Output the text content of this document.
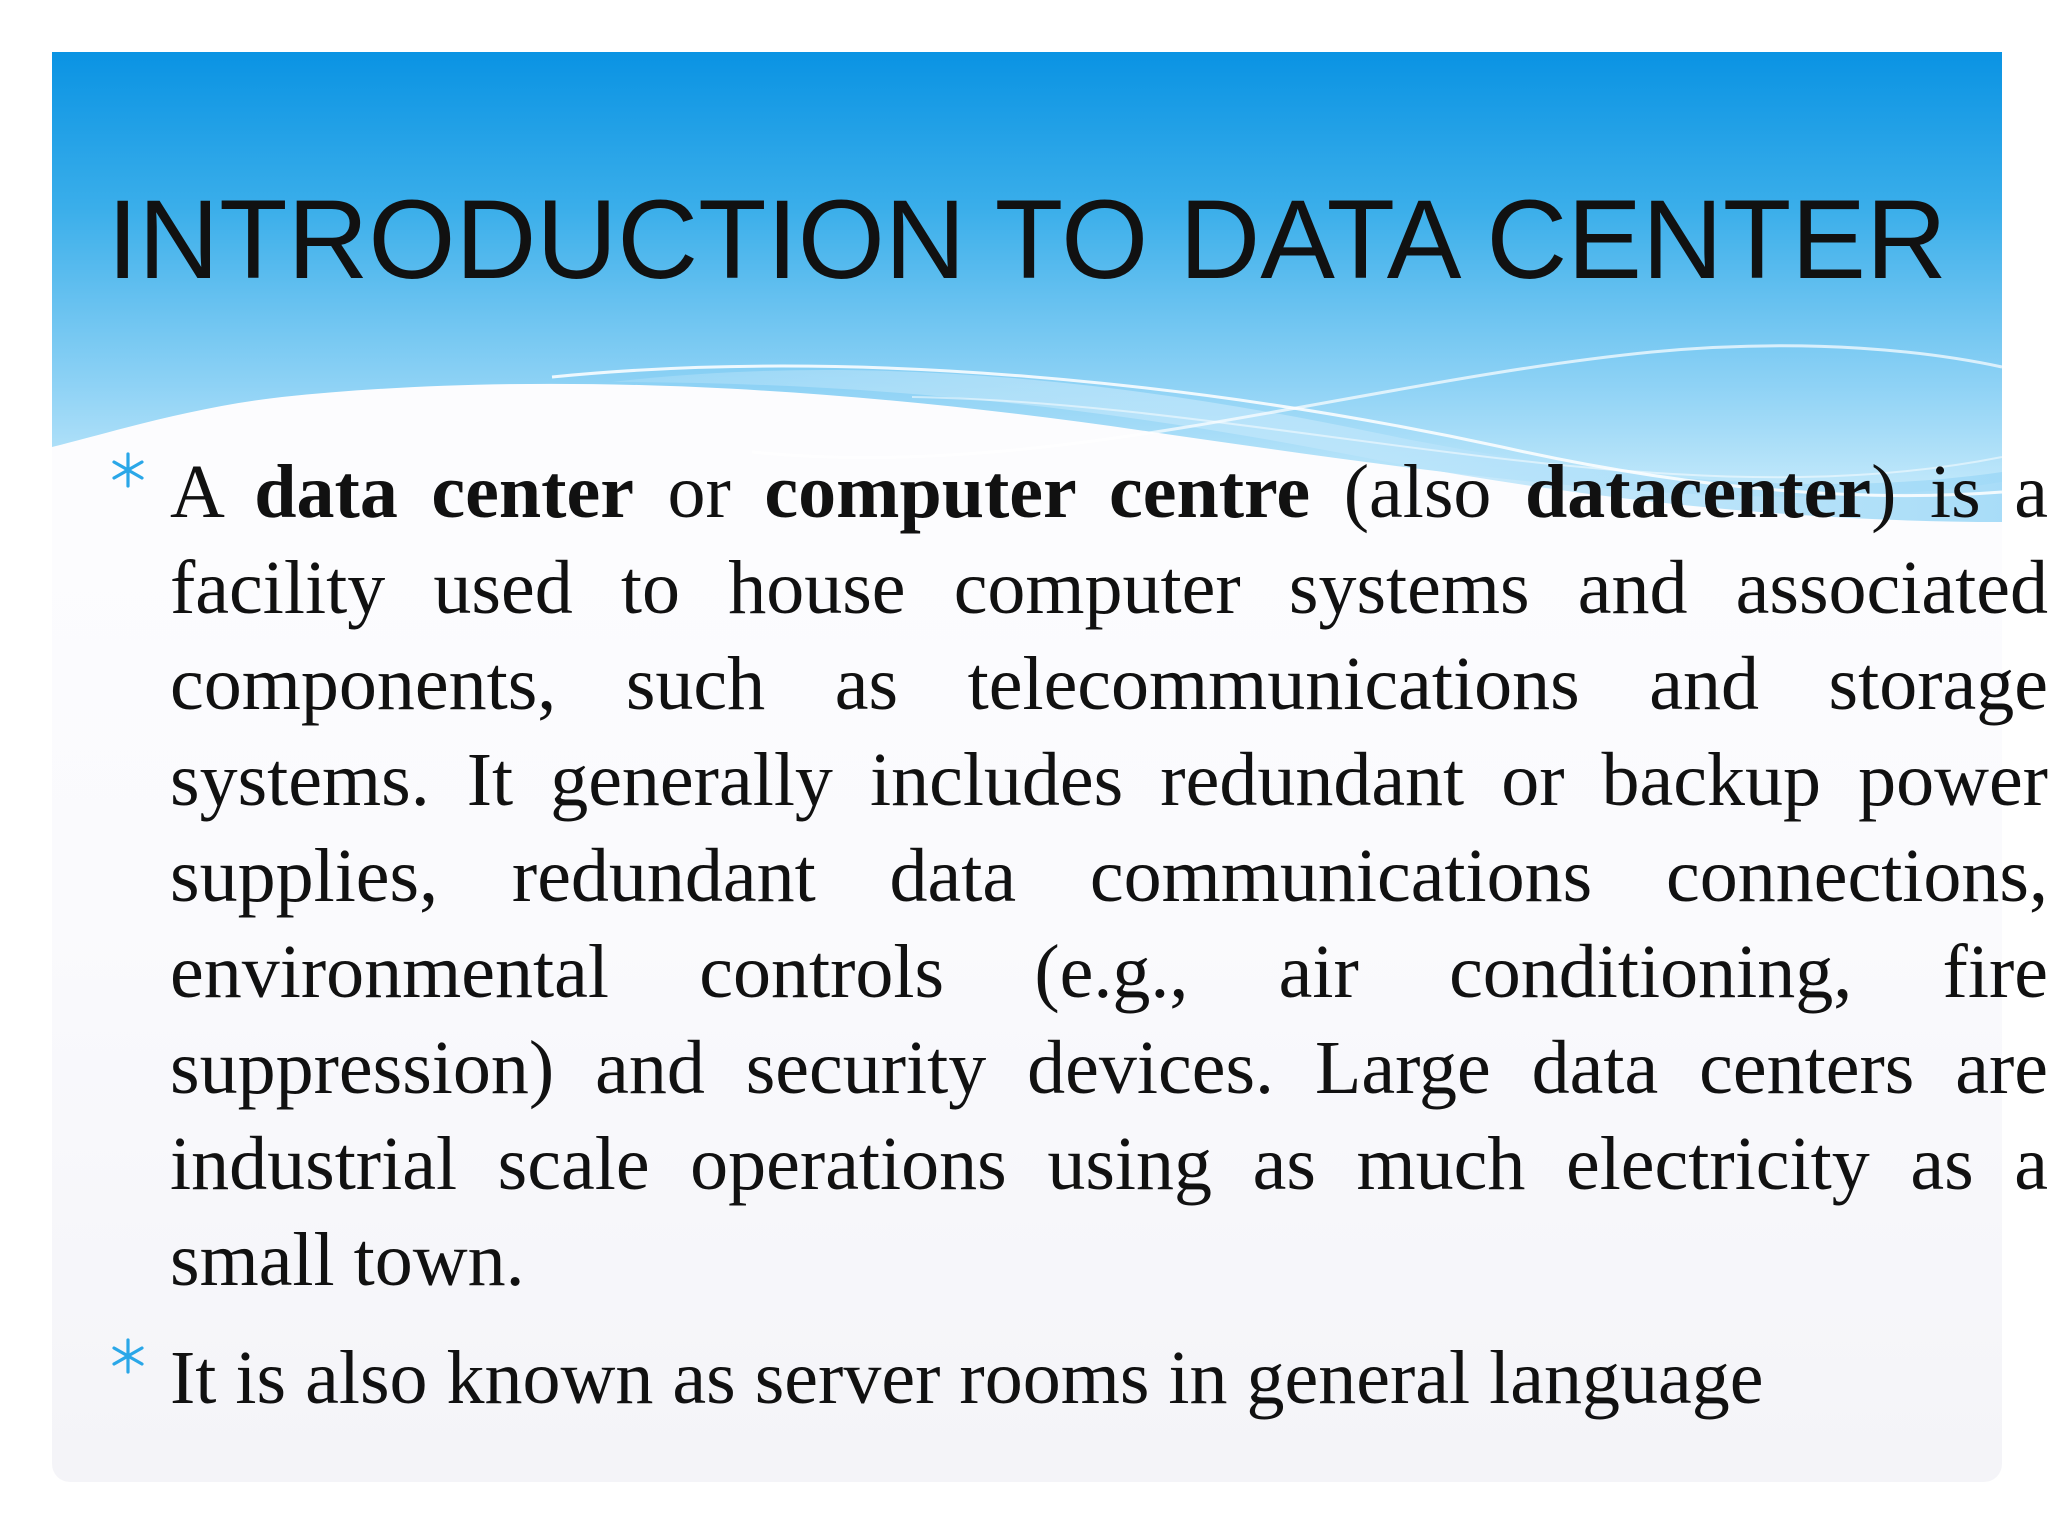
INTRODUCTION TO DATA CENTER
A data center or computer centre (also datacenter) is a facility used to house computer systems and associated components, such as telecommunications and storage systems. It generally includes redundant or backup power supplies, redundant data communications connections, environmental controls (e.g., air conditioning, fire suppression) and security devices. Large data centers are industrial scale operations using as much electricity as a small town.
It is also known as server rooms in general language
